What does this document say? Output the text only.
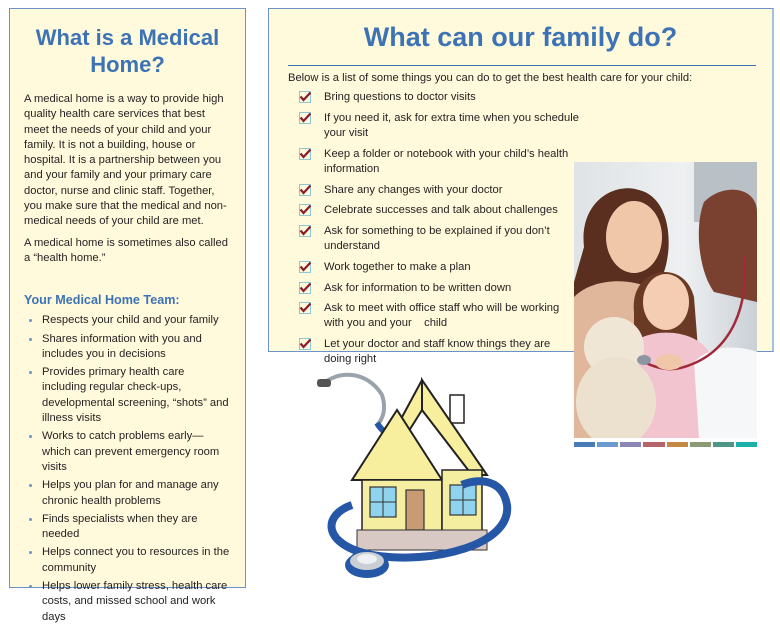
What is a Medical Home?

A medical home is a way to provide high quality health care services that best meet the needs of your child and your family. It is not a building, house or hospital. It is a partnership between you and your family and your primary care doctor, nurse and clinic staff. Together, you make sure that the medical and non-medical needs of your child are met.

A medical home is sometimes also called a “health home.”

Your Medical Home Team:
Respects your child and your family
Shares information with you and includes you in decisions
Provides primary health care including regular check-ups, developmental screening, “shots” and illness visits
Works to catch problems early—which can prevent emergency room visits
Helps you plan for and manage any chronic health problems
Finds specialists when they are needed
Helps connect you to resources in the community
Helps lower family stress, health care costs, and missed school and work days
What can our family do?
Below is a list of some things you can do to get the best health care for your child:
Bring questions to doctor visits
If you need it, ask for extra time when you schedule your visit
Keep a folder or notebook with your child’s health information
Share any changes with your doctor
Celebrate successes and talk about challenges
Ask for something to be explained if you don’t understand
Work together to make a plan
Ask for information to be written down
Ask to meet with office staff who will be working with you and your    child
Let your doctor and staff know things they are doing right
